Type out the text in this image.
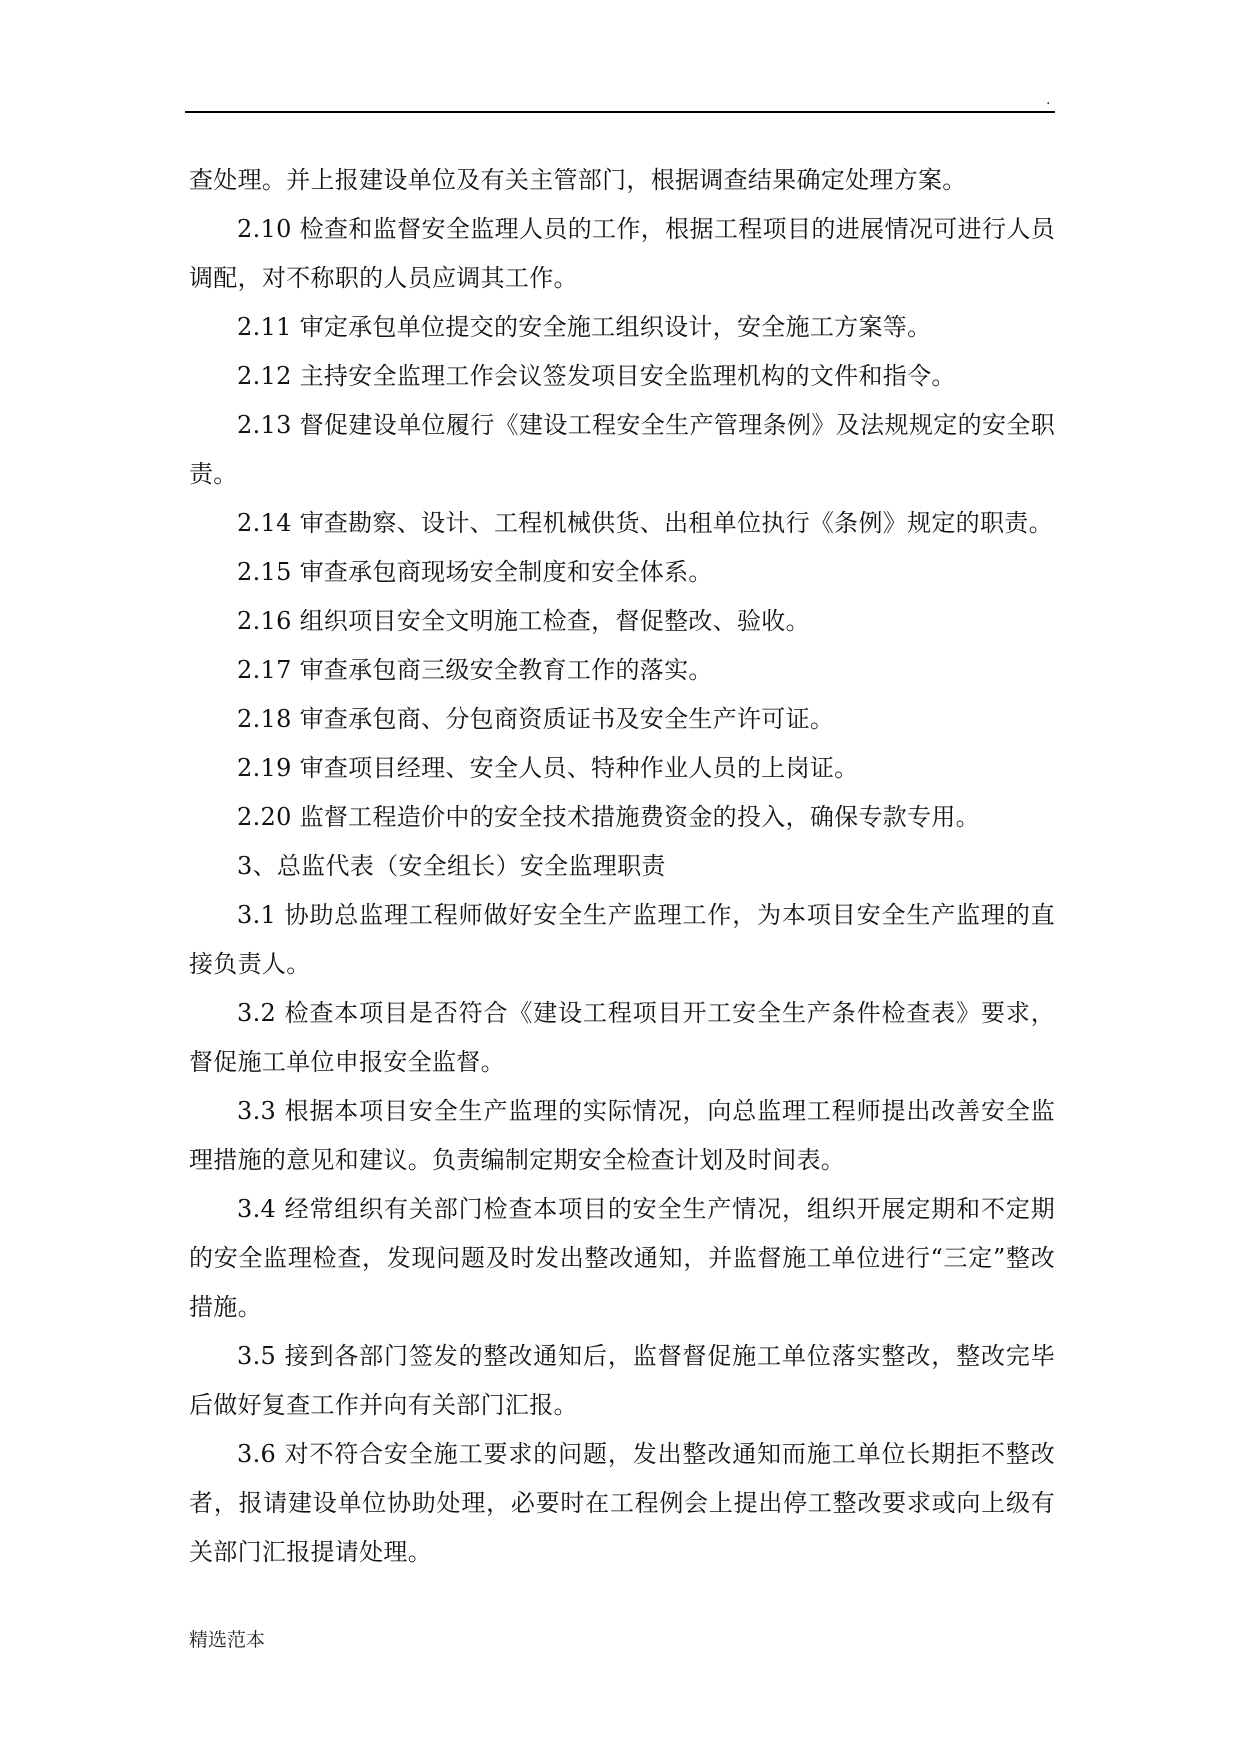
.

查处理。并上报建设单位及有关主管部门，根据调查结果确定处理方案。

2.10 检查和监督安全监理人员的工作，根据工程项目的进展情况可进行人员调配，对不称职的人员应调其工作。

2.11 审定承包单位提交的安全施工组织设计，安全施工方案等。

2.12 主持安全监理工作会议签发项目安全监理机构的文件和指令。

2.13 督促建设单位履行《建设工程安全生产管理条例》及法规规定的安全职责。

2.14 审查勘察、设计、工程机械供货、出租单位执行《条例》规定的职责。

2.15 审查承包商现场安全制度和安全体系。

2.16 组织项目安全文明施工检查，督促整改、验收。

2.17 审查承包商三级安全教育工作的落实。

2.18 审查承包商、分包商资质证书及安全生产许可证。

2.19 审查项目经理、安全人员、特种作业人员的上岗证。

2.20 监督工程造价中的安全技术措施费资金的投入，确保专款专用。

3、总监代表（安全组长）安全监理职责

3.1 协助总监理工程师做好安全生产监理工作，为本项目安全生产监理的直接负责人。

3.2 检查本项目是否符合《建设工程项目开工安全生产条件检查表》要求，督促施工单位申报安全监督。

3.3 根据本项目安全生产监理的实际情况，向总监理工程师提出改善安全监理措施的意见和建议。负责编制定期安全检查计划及时间表。

3.4 经常组织有关部门检查本项目的安全生产情况，组织开展定期和不定期的安全监理检查，发现问题及时发出整改通知，并监督施工单位进行“三定”整改措施。

3.5 接到各部门签发的整改通知后，监督督促施工单位落实整改，整改完毕后做好复查工作并向有关部门汇报。

3.6 对不符合安全施工要求的问题，发出整改通知而施工单位长期拒不整改者，报请建设单位协助处理，必要时在工程例会上提出停工整改要求或向上级有关部门汇报提请处理。

精选范本
